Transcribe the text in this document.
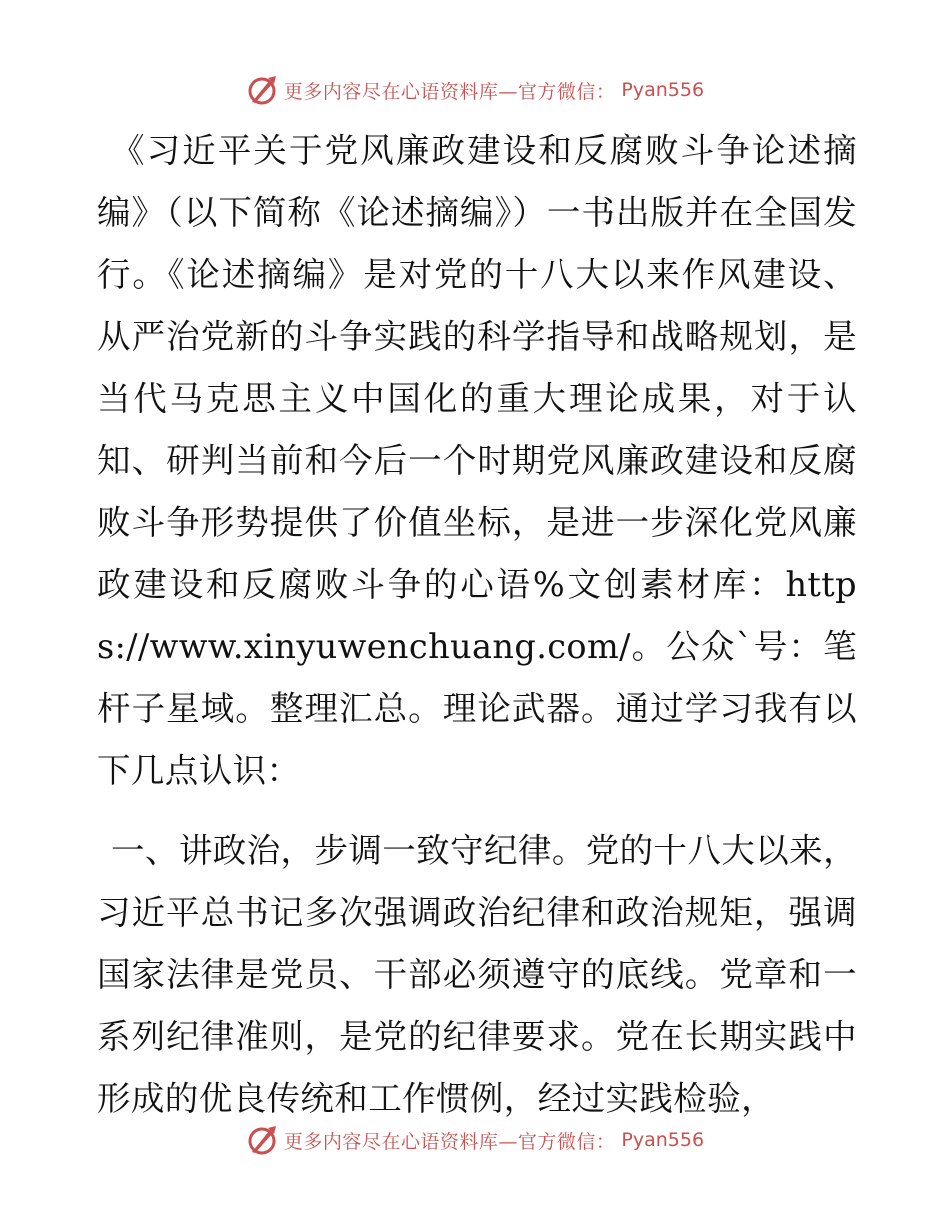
更多内容尽在心语资料库—官方微信： Pyan556

《习近平关于党风廉政建设和反腐败斗争论述摘编》（以下简称《论述摘编》）一书出版并在全国发行。《论述摘编》是对党的十八大以来作风建设、从严治党新的斗争实践的科学指导和战略规划，是当代马克思主义中国化的重大理论成果，对于认知、研判当前和今后一个时期党风廉政建设和反腐败斗争形势提供了价值坐标，是进一步深化党风廉政建设和反腐败斗争的心语%文创素材库：https://www.xinyuwenchuang.com/。公众`号：笔杆子星域。整理汇总。理论武器。通过学习我有以下几点认识：

一、讲政治，步调一致守纪律。党的十八大以来，习近平总书记多次强调政治纪律和政治规矩，强调国家法律是党员、干部必须遵守的底线。党章和一系列纪律准则，是党的纪律要求。党在长期实践中形成的优良传统和工作惯例，经过实践检验，

更多内容尽在心语资料库—官方微信： Pyan556
